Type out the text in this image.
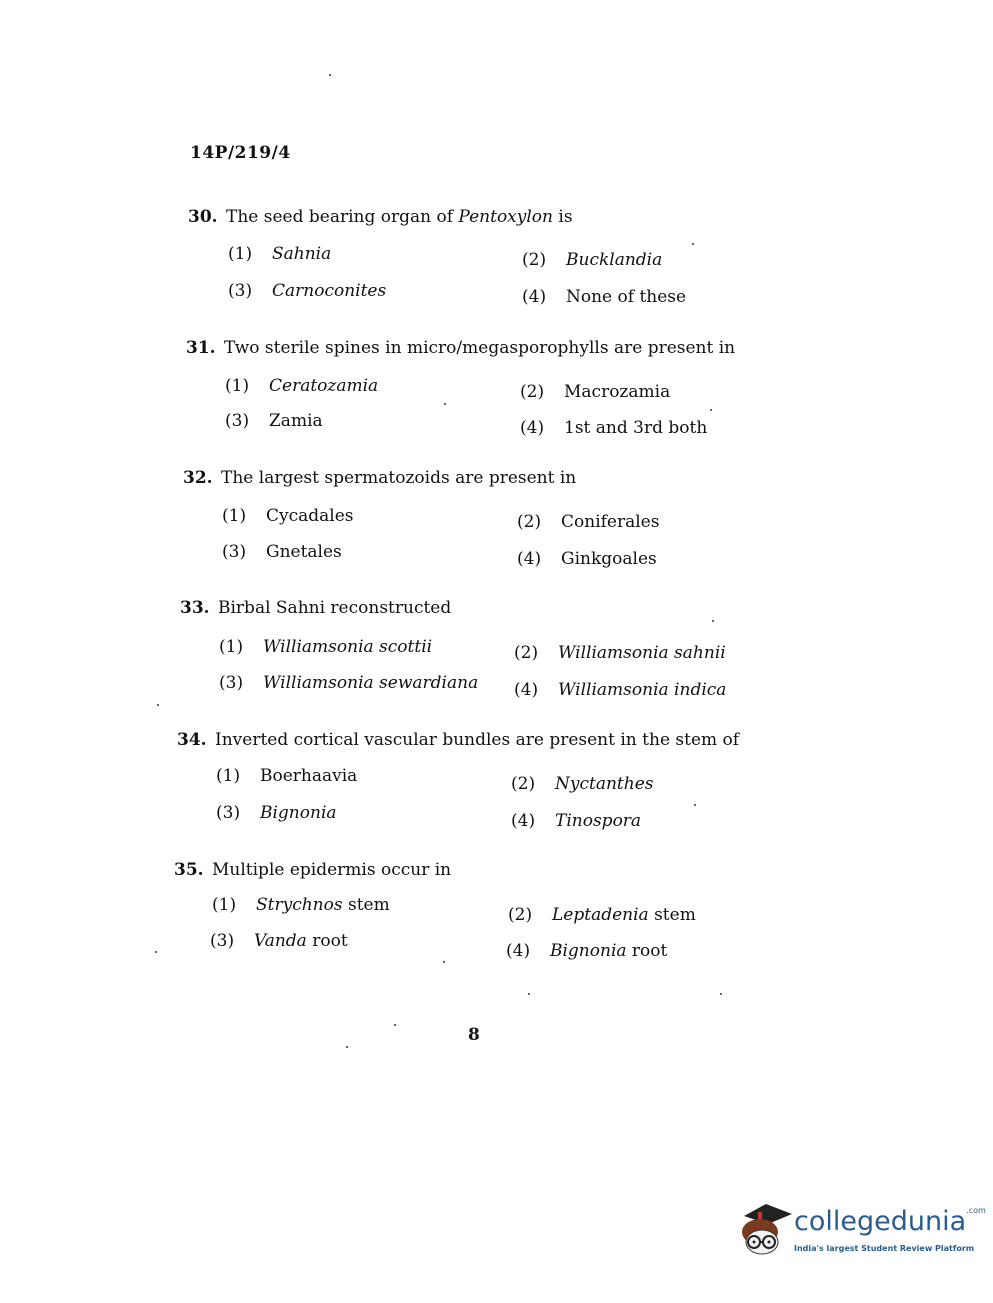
14P/219/4
30. The seed bearing organ of Pentoxylon is
(1) Sahnia	(2) Bucklandia
(3) Carnoconites	(4) None of these
31. Two sterile spines in micro/megasporophylls are present in
(1) Ceratozamia	(2) Macrozamia
(3) Zamia	(4) 1st and 3rd both
32. The largest spermatozoids are present in
(1) Cycadales	(2) Coniferales
(3) Gnetales	(4) Ginkgoales
33. Birbal Sahni reconstructed
(1) Williamsonia scottii	(2) Williamsonia sahnii
(3) Williamsonia sewardiana (4) Williamsonia indica
34. Inverted cortical vascular bundles are present in the stem of
(1) Boerhaavia	(2) Nyctanthes
(3) Bignonia	(4) Tinospora
35. Multiple epidermis occur in
(1) Strychnos stem	(2) Leptadenia stem
(3) Vanda root	(4) Bignonia root
8
collegedunia$^{.com}$
India's largest Student Review Platform
